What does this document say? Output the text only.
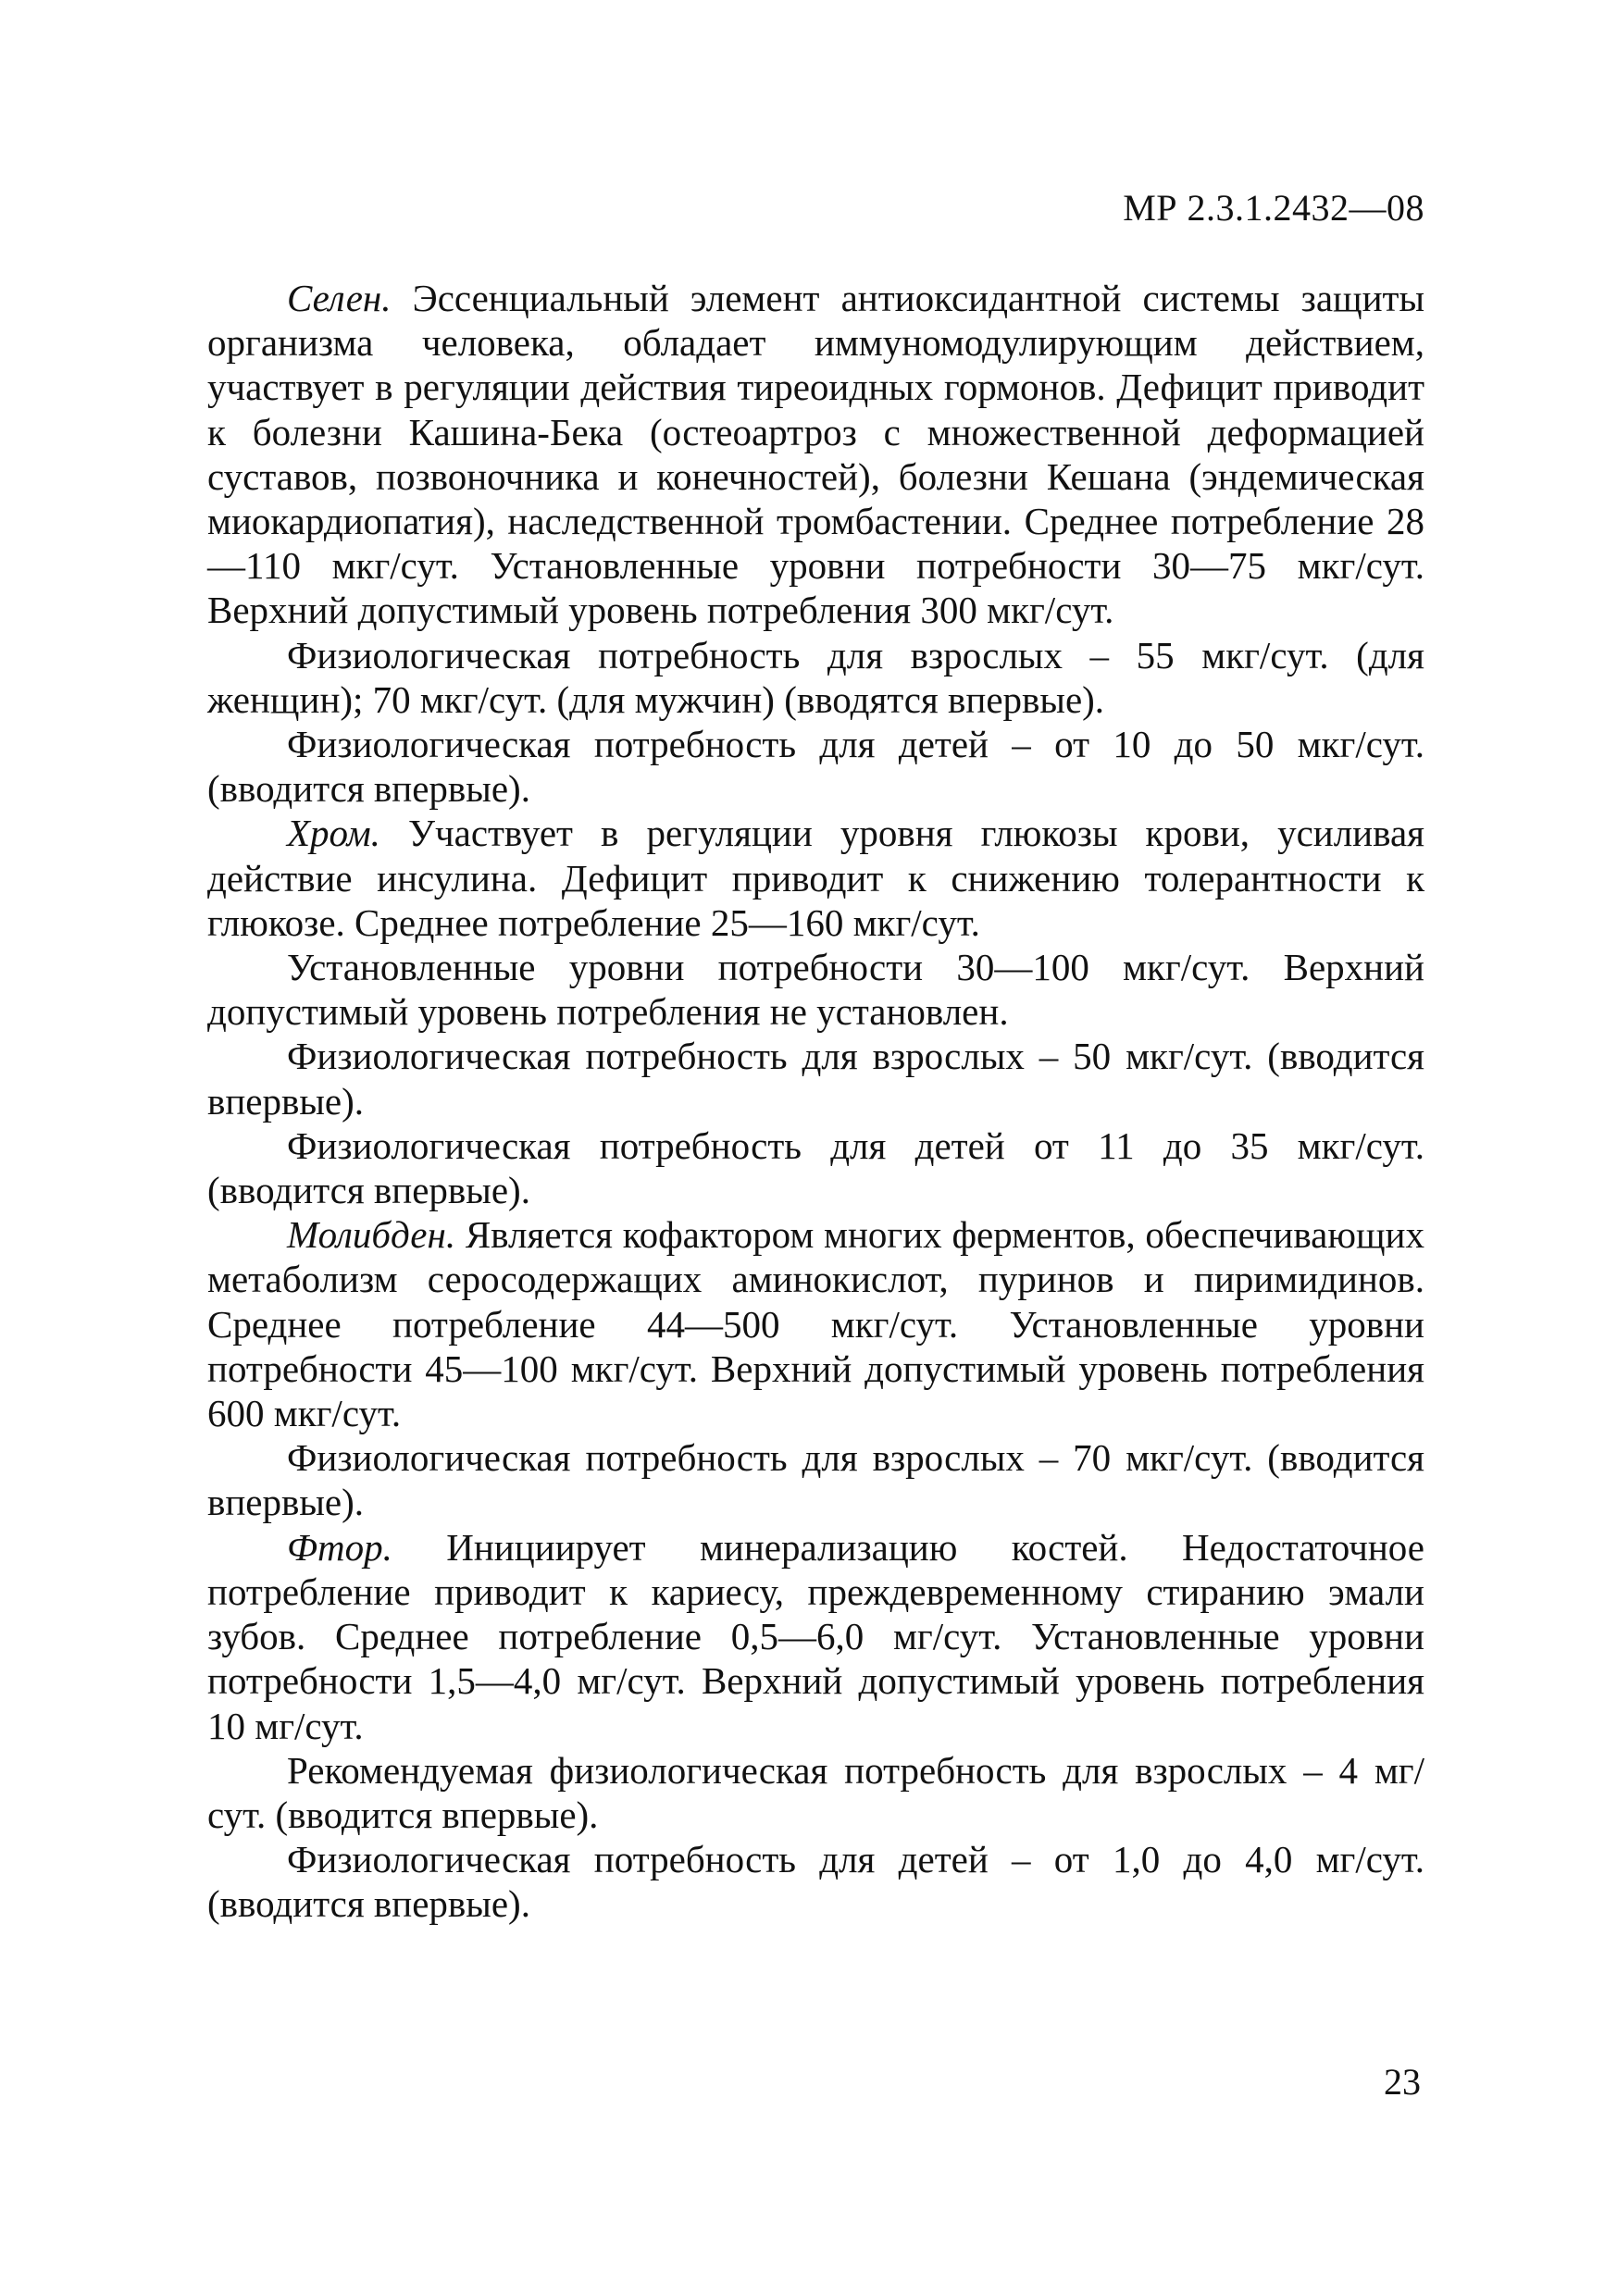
МР 2.3.1.2432—08

Селен. Эссенциальный элемент антиоксидантной системы защиты организма человека, обладает иммуномодулирующим действием, участвует в регуляции действия тиреоидных гормонов. Дефицит приводит к болезни Кашина-Бека (остеоартроз с множественной деформацией суставов, позвоночника и конечностей), болезни Кешана (эндемическая миокардиопатия), наследственной тромбастении. Среднее потребление 28—110 мкг/сут. Установленные уровни потребности 30—75 мкг/сут. Верхний допустимый уровень потребления 300 мкг/сут.

Физиологическая потребность для взрослых – 55 мкг/сут. (для женщин); 70 мкг/сут. (для мужчин) (вводятся впервые).

Физиологическая потребность для детей – от 10 до 50 мкг/сут. (вводится впервые).

Хром. Участвует в регуляции уровня глюкозы крови, усиливая действие инсулина. Дефицит приводит к снижению толерантности к глюкозе. Среднее потребление 25—160 мкг/сут.

Установленные уровни потребности 30—100 мкг/сут. Верхний допустимый уровень потребления не установлен.

Физиологическая потребность для взрослых – 50 мкг/сут. (вводится впервые).

Физиологическая потребность для детей от 11 до 35 мкг/сут. (вводится впервые).

Молибден. Является кофактором многих ферментов, обеспечивающих метаболизм серосодержащих аминокислот, пуринов и пиримидинов. Среднее потребление 44—500 мкг/сут. Установленные уровни потребности 45—100 мкг/сут. Верхний допустимый уровень потребления 600 мкг/сут.

Физиологическая потребность для взрослых – 70 мкг/сут. (вводится впервые).

Фтор. Инициирует минерализацию костей. Недостаточное потребление приводит к кариесу, преждевременному стиранию эмали зубов. Среднее потребление 0,5—6,0 мг/сут. Установленные уровни потребности 1,5—4,0 мг/сут. Верхний допустимый уровень потребления 10 мг/сут.

Рекомендуемая физиологическая потребность для взрослых – 4 мг/сут. (вводится впервые).

Физиологическая потребность для детей – от 1,0 до 4,0 мг/сут. (вводится впервые).

23
